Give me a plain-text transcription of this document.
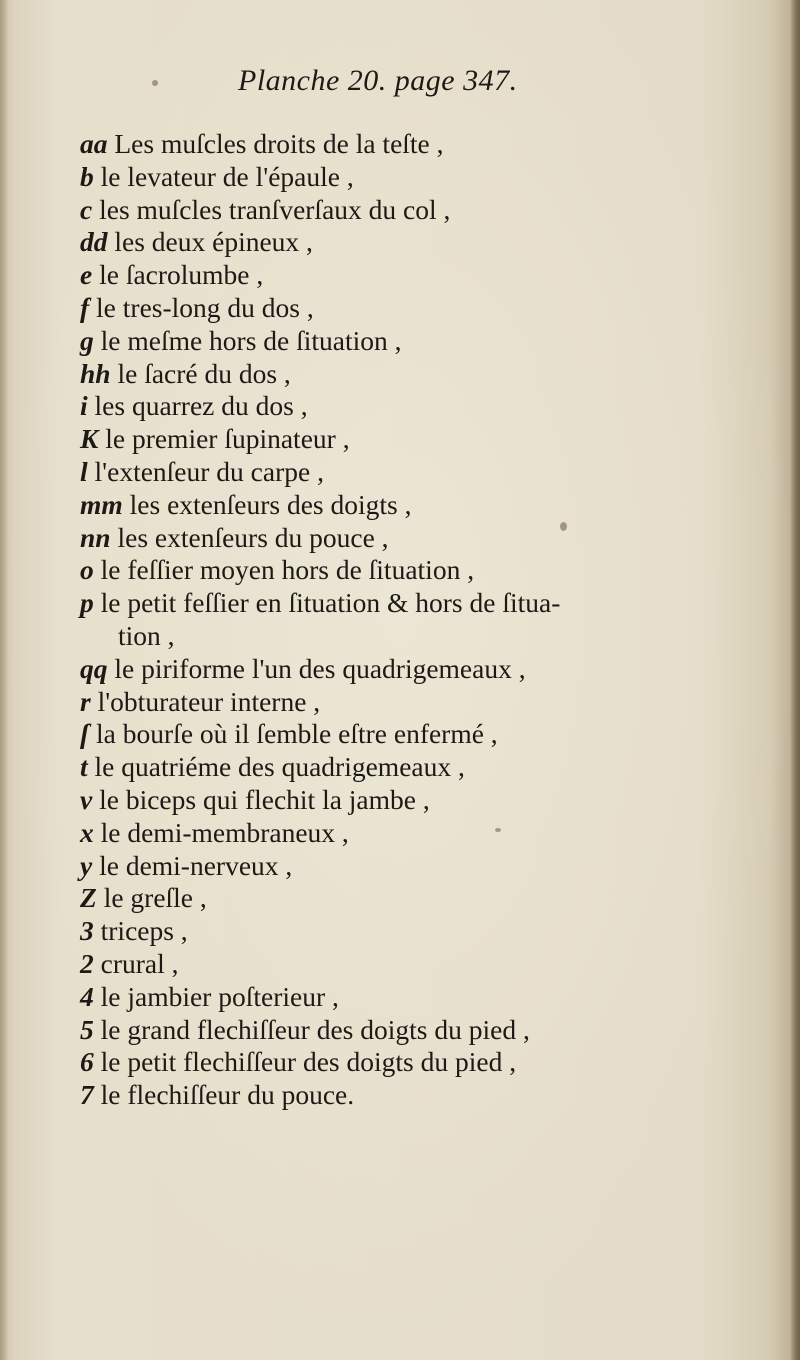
Planche 20. page 347.
aa Les muſcles droits de la teſte ,
b le levateur de l'épaule ,
c les muſcles tranſverſaux du col ,
dd les deux épineux ,
e le ſacrolumbe ,
f le tres-long du dos ,
g le meſme hors de ſituation ,
hh le ſacré du dos ,
i les quarrez du dos ,
K le premier ſupinateur ,
l l'extenſeur du carpe ,
mm les extenſeurs des doigts ,
nn les extenſeurs du pouce ,
o le feſſier moyen hors de ſituation ,
p le petit feſſier en ſituation & hors de ſitua-
tion ,
qq le piriforme l'un des quadrigemeaux ,
r l'obturateur interne ,
ſ la bourſe où il ſemble eſtre enfermé ,
t le quatriéme des quadrigemeaux ,
v le biceps qui flechit la jambe ,
x le demi-membraneux ,
y le demi-nerveux ,
Z le greſle ,
3 triceps ,
2 crural ,
4 le jambier poſterieur ,
5 le grand flechiſſeur des doigts du pied ,
6 le petit flechiſſeur des doigts du pied ,
7 le flechiſſeur du pouce.
